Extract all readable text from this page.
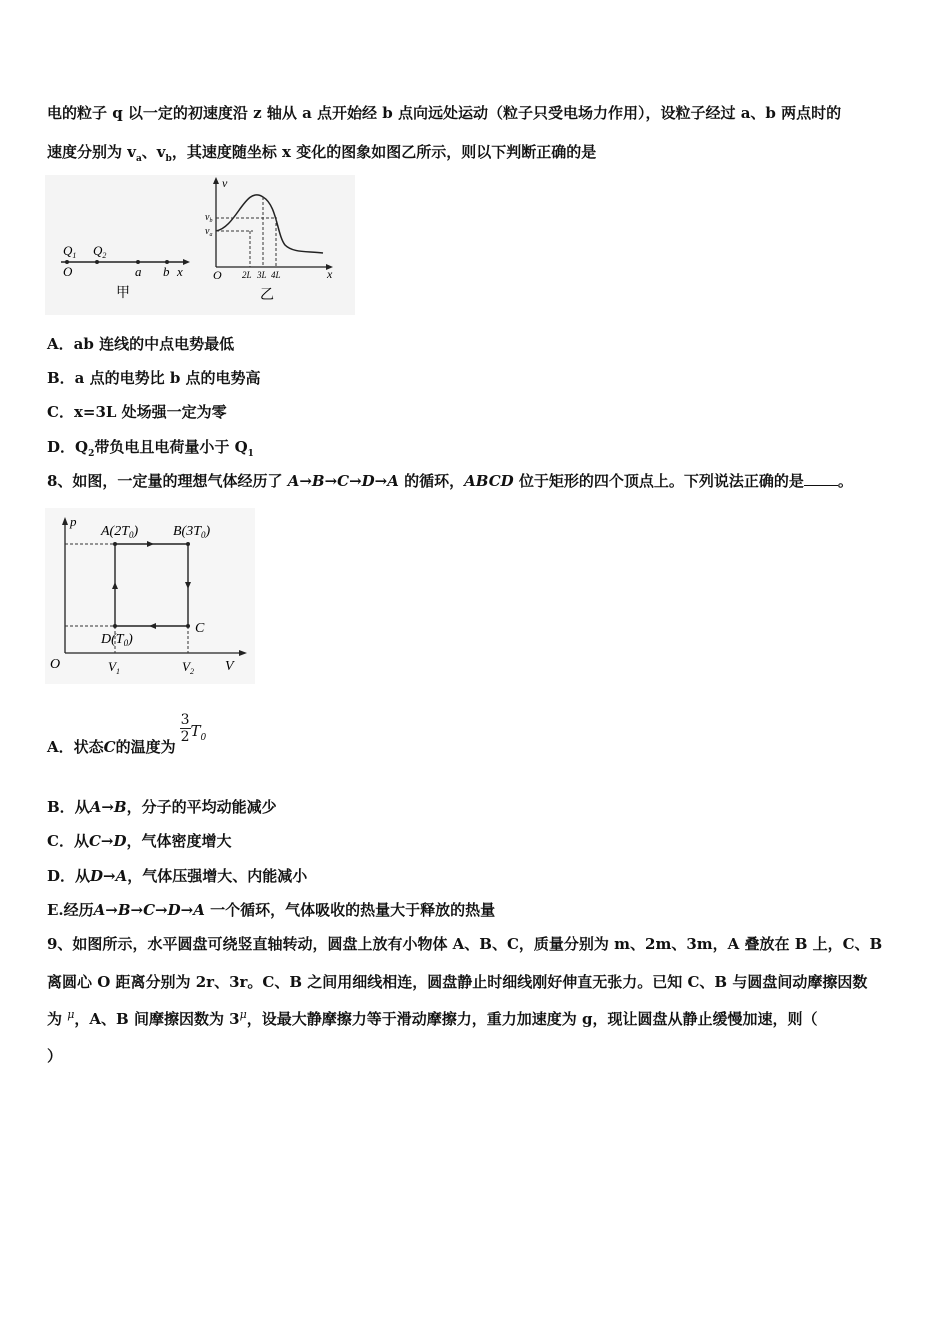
电的粒子 q 以一定的初速度沿 z 轴从 a 点开始经 b 点向远处运动（粒子只受电场力作用），设粒子经过 a、b 两点时的
速度分别为 $v_a$、$v_b$，其速度随坐标 x 变化的图象如图乙所示，则以下判断正确的是
$Q_1$ $Q_2$
O	a b x
甲
v
$v_b$
$v_a$
O 2L 3L 4L	x
乙
A．ab 连线的中点电势最低
B．a 点的电势比 b 点的电势高
C．x=3L 处场强一定为零
D．$Q_2$带负电且电荷量小于 $Q_1$
8、如图，一定量的理想气体经历了 A→B→C→D→A 的循环，ABCD 位于矩形的四个顶点上。下列说法正确的是 。
p
$A(2T_0)$ $B(3T_0)$
C
$D(T_0)$
O	$V_1$	$V_2$ V
A．状态C的温度为
$\frac{3}{2} T_0$
B．从A→B，分子的平均动能减少
C．从C→D，气体密度增大
D．从D→A，气体压强增大、内能减小
E.经历A→B→C→D→A 一个循环，气体吸收的热量大于释放的热量
9、如图所示，水平圆盘可绕竖直轴转动，圆盘上放有小物体 A、B、C，质量分别为 m、2m、3m，A 叠放在 B 上，C、B
离圆心 O 距离分别为 2r、3r。C、B 之间用细线相连，圆盘静止时细线刚好伸直无张力。已知 C、B 与圆盘间动摩擦因数
为 $^\mu$，A、B 间摩擦因数为 $3^\mu$，设最大静摩擦力等于滑动摩擦力，重力加速度为 g，现让圆盘从静止缓慢加速，则（
）
